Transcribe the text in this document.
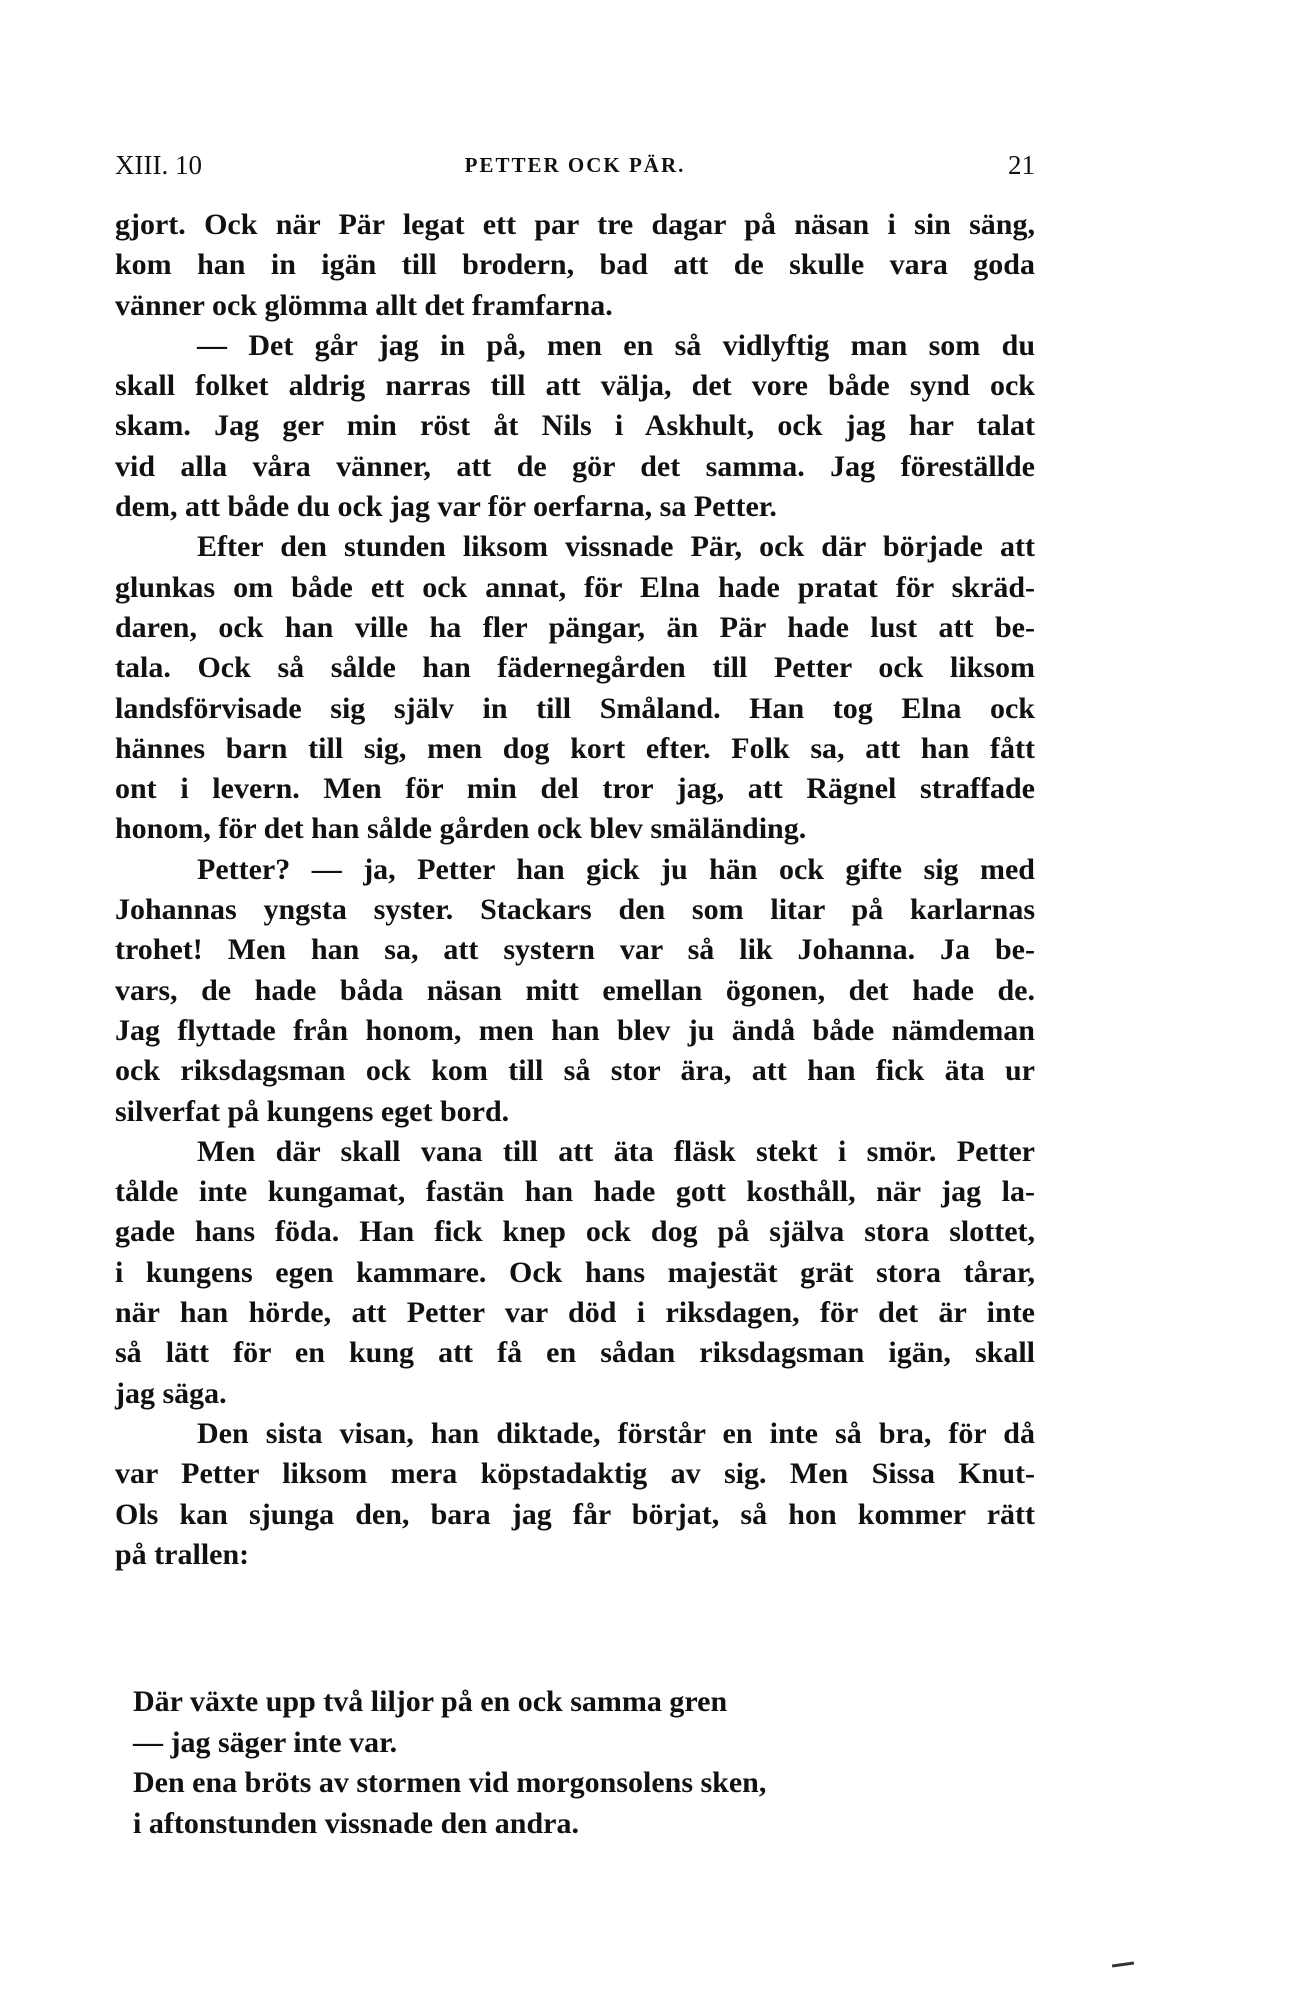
XIII. 10	PETTER OCK PÄR.	21

gjort. Ock när Pär legat ett par tre dagar på näsan i sin säng,
kom han in igän till brodern, bad att de skulle vara goda
vänner ock glömma allt det framfarna.

— Det går jag in på, men en så vidlyftig man som du
skall folket aldrig narras till att välja, det vore både synd ock
skam. Jag ger min röst åt Nils i Askhult, ock jag har talat
vid alla våra vänner, att de gör det samma. Jag föreställde
dem, att både du ock jag var för oerfarna, sa Petter.

Efter den stunden liksom vissnade Pär, ock där började att
glunkas om både ett ock annat, för Elna hade pratat för skräd-
daren, ock han ville ha fler pängar, än Pär hade lust att be-
tala. Ock så sålde han fädernegården till Petter ock liksom
landsförvisade sig själv in till Småland. Han tog Elna ock
hännes barn till sig, men dog kort efter. Folk sa, att han fått
ont i levern. Men för min del tror jag, att Rägnel straffade
honom, för det han sålde gården ock blev smäländing.

Petter? — ja, Petter han gick ju hän ock gifte sig med
Johannas yngsta syster. Stackars den som litar på karlarnas
trohet! Men han sa, att systern var så lik Johanna. Ja be-
vars, de hade båda näsan mitt emellan ögonen, det hade de.
Jag flyttade från honom, men han blev ju ändå både nämdeman
ock riksdagsman ock kom till så stor ära, att han fick äta ur
silverfat på kungens eget bord.

Men där skall vana till att äta fläsk stekt i smör. Petter
tålde inte kungamat, fastän han hade gott kosthåll, när jag la-
gade hans föda. Han fick knep ock dog på själva stora slottet,
i kungens egen kammare. Ock hans majestät grät stora tårar,
när han hörde, att Petter var död i riksdagen, för det är inte
så lätt för en kung att få en sådan riksdagsman igän, skall
jag säga.

Den sista visan, han diktade, förstår en inte så bra, för då
var Petter liksom mera köpstadaktig av sig. Men Sissa Knut-
Ols kan sjunga den, bara jag får börjat, så hon kommer rätt
på trallen:

Där växte upp två liljor på en ock samma gren
— jag säger inte var.
Den ena bröts av stormen vid morgonsolens sken,
i aftonstunden vissnade den andra.
